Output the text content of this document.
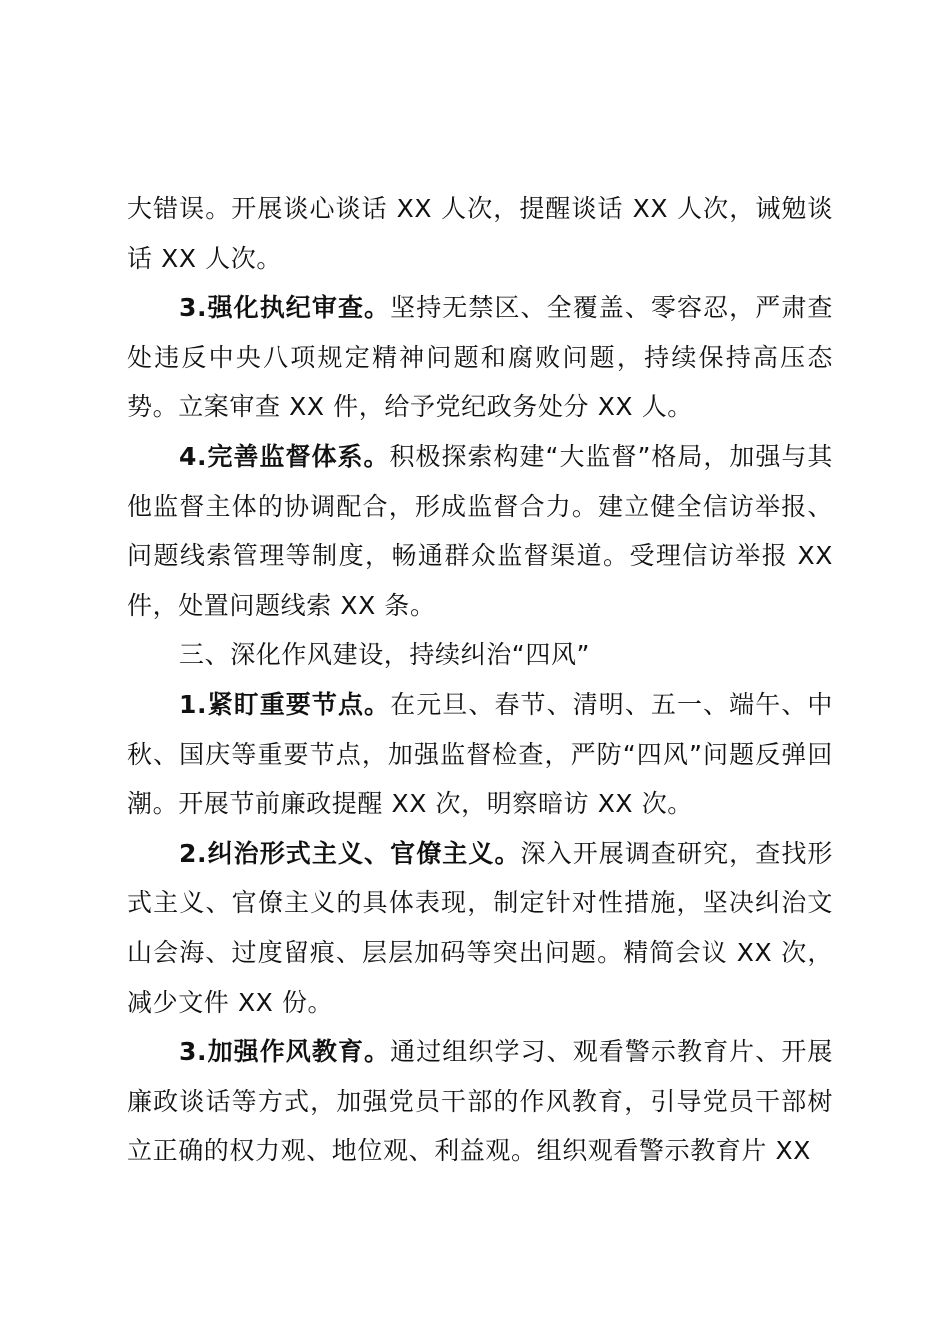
大错误。开展谈心谈话 XX 人次，提醒谈话 XX 人次，诫勉谈话 XX 人次。

3.强化执纪审查。坚持无禁区、全覆盖、零容忍，严肃查处违反中央八项规定精神问题和腐败问题，持续保持高压态势。立案审查 XX 件，给予党纪政务处分 XX 人。

4.完善监督体系。积极探索构建“大监督”格局，加强与其他监督主体的协调配合，形成监督合力。建立健全信访举报、问题线索管理等制度，畅通群众监督渠道。受理信访举报 XX 件，处置问题线索 XX 条。

三、深化作风建设，持续纠治“四风”

1.紧盯重要节点。在元旦、春节、清明、五一、端午、中秋、国庆等重要节点，加强监督检查，严防“四风”问题反弹回潮。开展节前廉政提醒 XX 次，明察暗访 XX 次。

2.纠治形式主义、官僚主义。深入开展调查研究，查找形式主义、官僚主义的具体表现，制定针对性措施，坚决纠治文山会海、过度留痕、层层加码等突出问题。精简会议 XX 次，减少文件 XX 份。

3.加强作风教育。通过组织学习、观看警示教育片、开展廉政谈话等方式，加强党员干部的作风教育，引导党员干部树立正确的权力观、地位观、利益观。组织观看警示教育片 XX
